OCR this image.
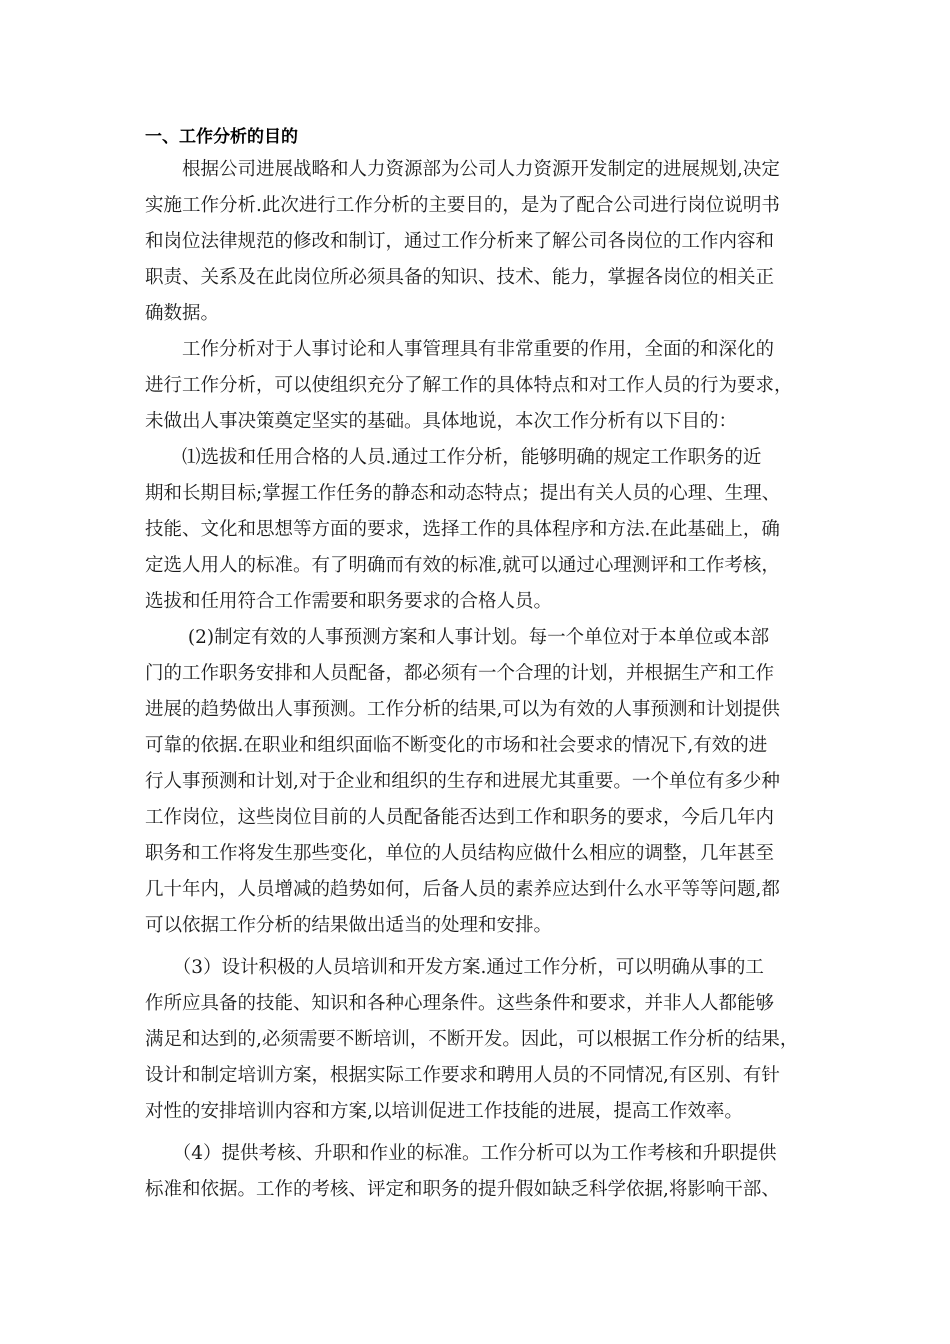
一、工作分析的目的
　　根据公司进展战略和人力资源部为公司人力资源开发制定的进展规划,决定
实施工作分析.此次进行工作分析的主要目的，是为了配合公司进行岗位说明书
和岗位法律规范的修改和制订，通过工作分析来了解公司各岗位的工作内容和
职责、关系及在此岗位所必须具备的知识、技术、能力，掌握各岗位的相关正
确数据。
　　工作分析对于人事讨论和人事管理具有非常重要的作用，全面的和深化的
进行工作分析，可以使组织充分了解工作的具体特点和对工作人员的行为要求，
未做出人事决策奠定坚实的基础。具体地说，本次工作分析有以下目的：
　　⑴选拔和任用合格的人员.通过工作分析，能够明确的规定工作职务的近
期和长期目标;掌握工作任务的静态和动态特点；提出有关人员的心理、生理、
技能、文化和思想等方面的要求，选择工作的具体程序和方法.在此基础上，确
定选人用人的标准。有了明确而有效的标准,就可以通过心理测评和工作考核，
选拔和任用符合工作需要和职务要求的合格人员。
　　 (2)制定有效的人事预测方案和人事计划。每一个单位对于本单位或本部
门的工作职务安排和人员配备，都必须有一个合理的计划，并根据生产和工作
进展的趋势做出人事预测。工作分析的结果,可以为有效的人事预测和计划提供
可靠的依据.在职业和组织面临不断变化的市场和社会要求的情况下,有效的进
行人事预测和计划,对于企业和组织的生存和进展尤其重要。一个单位有多少种
工作岗位，这些岗位目前的人员配备能否达到工作和职务的要求，今后几年内
职务和工作将发生那些变化，单位的人员结构应做什么相应的调整，几年甚至
几十年内，人员增减的趋势如何，后备人员的素养应达到什么水平等等问题,都
可以依据工作分析的结果做出适当的处理和安排。
　　（3）设计积极的人员培训和开发方案.通过工作分析，可以明确从事的工
作所应具备的技能、知识和各种心理条件。这些条件和要求，并非人人都能够
满足和达到的,必须需要不断培训，不断开发。因此，可以根据工作分析的结果，
设计和制定培训方案，根据实际工作要求和聘用人员的不同情况,有区别、有针
对性的安排培训内容和方案,以培训促进工作技能的进展，提高工作效率。
　　（4）提供考核、升职和作业的标准。工作分析可以为工作考核和升职提供
标准和依据。工作的考核、评定和职务的提升假如缺乏科学依据,将影响干部、
